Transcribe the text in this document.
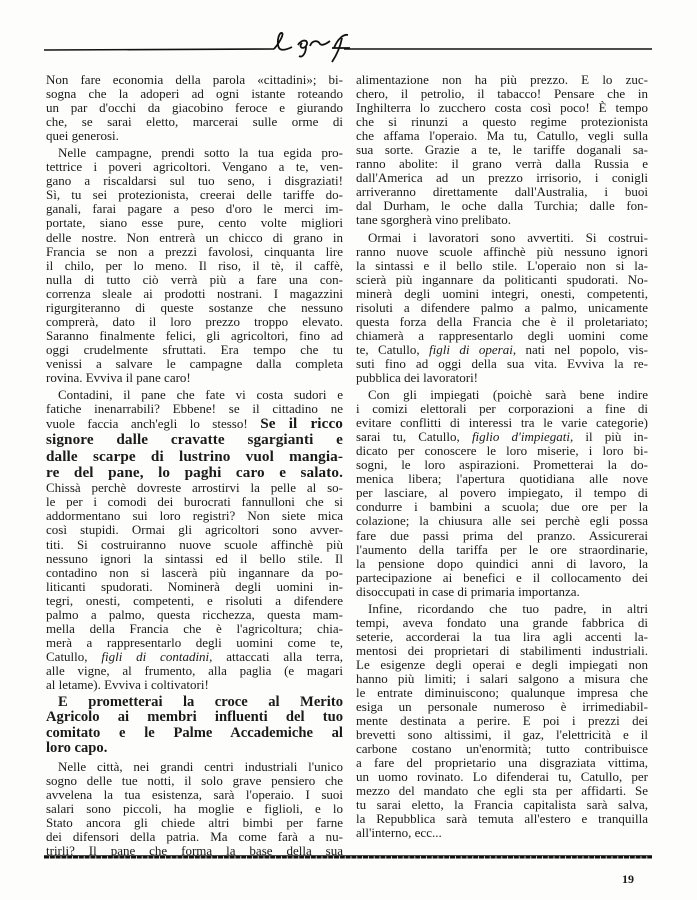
Non fare economia della parola «cittadini»; bi-
sogna che la adoperi ad ogni istante roteando
un par d'occhi da giacobino feroce e giurando
che, se sarai eletto, marcerai sulle orme di
quei generosi.
Nelle campagne, prendi sotto la tua egida pro-
tettrice i poveri agricoltori. Vengano a te, ven-
gano a riscaldarsi sul tuo seno, i disgraziati!
Sì, tu sei protezionista, creerai delle tariffe do-
ganali, farai pagare a peso d'oro le merci im-
portate, siano esse pure, cento volte migliori
delle nostre. Non entrerà un chicco di grano in
Francia se non a prezzi favolosi, cinquanta lire
il chilo, per lo meno. Il riso, il tè, il caffè,
nulla di tutto ciò verrà più a fare una con-
correnza sleale ai prodotti nostrani. I magazzini
rigurgiteranno di queste sostanze che nessuno
comprerà, dato il loro prezzo troppo elevato.
Saranno finalmente felici, gli agricoltori, fino ad
oggi crudelmente sfruttati. Era tempo che tu
venissi a salvare le campagne dalla completa
rovina. Evviva il pane caro!
Contadini, il pane che fate vi costa sudori e
fatiche inenarrabili? Ebbene! se il cittadino ne
vuole faccia anch'egli lo stesso! Se il ricco
signore dalle cravatte sgargianti e
dalle scarpe di lustrino vuol mangia-
re del pane, lo paghi caro e salato.
Chissà perchè dovreste arrostirvi la pelle al so-
le per i comodi dei burocrati fannulloni che si
addormentano sui loro registri? Non siete mica
così stupidi. Ormai gli agricoltori sono avver-
titi. Si costruiranno nuove scuole affinchè più
nessuno ignori la sintassi ed il bello stile. Il
contadino non si lascerà più ingannare da po-
liticanti spudorati. Nominerà degli uomini in-
tegri, onesti, competenti, e risoluti a difendere
palmo a palmo, questa ricchezza, questa mam-
mella della Francia che è l'agricoltura; chia-
merà a rappresentarlo degli uomini come te,
Catullo, figli di contadini, attaccati alla terra,
alle vigne, al frumento, alla paglia (e magari
al letame). Evviva i coltivatori!
E prometterai la croce al Merito
Agricolo ai membri influenti del tuo
comitato e le Palme Accademiche al
loro capo.
Nelle città, nei grandi centri industriali l'unico
sogno delle tue notti, il solo grave pensiero che
avvelena la tua esistenza, sarà l'operaio. I suoi
salari sono piccoli, ha moglie e figlioli, e lo
Stato ancora gli chiede altri bimbi per farne
dei difensori della patria. Ma come farà a nu-
trirli? Il pane che forma la base della sua
alimentazione non ha più prezzo. E lo zuc-
chero, il petrolio, il tabacco! Pensare che in
Inghilterra lo zucchero costa così poco! È tempo
che si rinunzi a questo regime protezionista
che affama l'operaio. Ma tu, Catullo, vegli sulla
sua sorte. Grazie a te, le tariffe doganali sa-
ranno abolite: il grano verrà dalla Russia e
dall'America ad un prezzo irrisorio, i conigli
arriveranno direttamente dall'Australia, i buoi
dal Durham, le oche dalla Turchia; dalle fon-
tane sgorgherà vino prelibato.
Ormai i lavoratori sono avvertiti. Si costrui-
ranno nuove scuole affinchè più nessuno ignori
la sintassi e il bello stile. L'operaio non si la-
scierà più ingannare da politicanti spudorati. No-
minerà degli uomini integri, onesti, competenti,
risoluti a difendere palmo a palmo, unicamente
questa forza della Francia che è il proletariato;
chiamerà a rappresentarlo degli uomini come
te, Catullo, figli di operai, nati nel popolo, vis-
suti fino ad oggi della sua vita. Evviva la re-
pubblica dei lavoratori!
Con gli impiegati (poichè sarà bene indire
i comizi elettorali per corporazioni a fine di
evitare conflitti di interessi tra le varie categorie)
sarai tu, Catullo, figlio d'impiegati, il più in-
dicato per conoscere le loro miserie, i loro bi-
sogni, le loro aspirazioni. Prometterai la do-
menica libera; l'apertura quotidiana alle nove
per lasciare, al povero impiegato, il tempo di
condurre i bambini a scuola; due ore per la
colazione; la chiusura alle sei perchè egli possa
fare due passi prima del pranzo. Assicurerai
l'aumento della tariffa per le ore straordinarie,
la pensione dopo quindici anni di lavoro, la
partecipazione ai benefici e il collocamento dei
disoccupati in case di primaria importanza.
Infine, ricordando che tuo padre, in altri
tempi, aveva fondato una grande fabbrica di
seterie, accorderai la tua lira agli accenti la-
mentosi dei proprietari di stabilimenti industriali.
Le esigenze degli operai e degli impiegati non
hanno più limiti; i salari salgono a misura che
le entrate diminuiscono; qualunque impresa che
esiga un personale numeroso è irrimediabil-
mente destinata a perire. E poi i prezzi dei
brevetti sono altissimi, il gaz, l'elettricità e il
carbone costano un'enormità; tutto contribuisce
a fare del proprietario una disgraziata vittima,
un uomo rovinato. Lo difenderai tu, Catullo, per
mezzo del mandato che egli sta per affidarti. Se
tu sarai eletto, la Francia capitalista sarà salva,
la Repubblica sarà temuta all'estero e tranquilla
all'interno, ecc...
19
